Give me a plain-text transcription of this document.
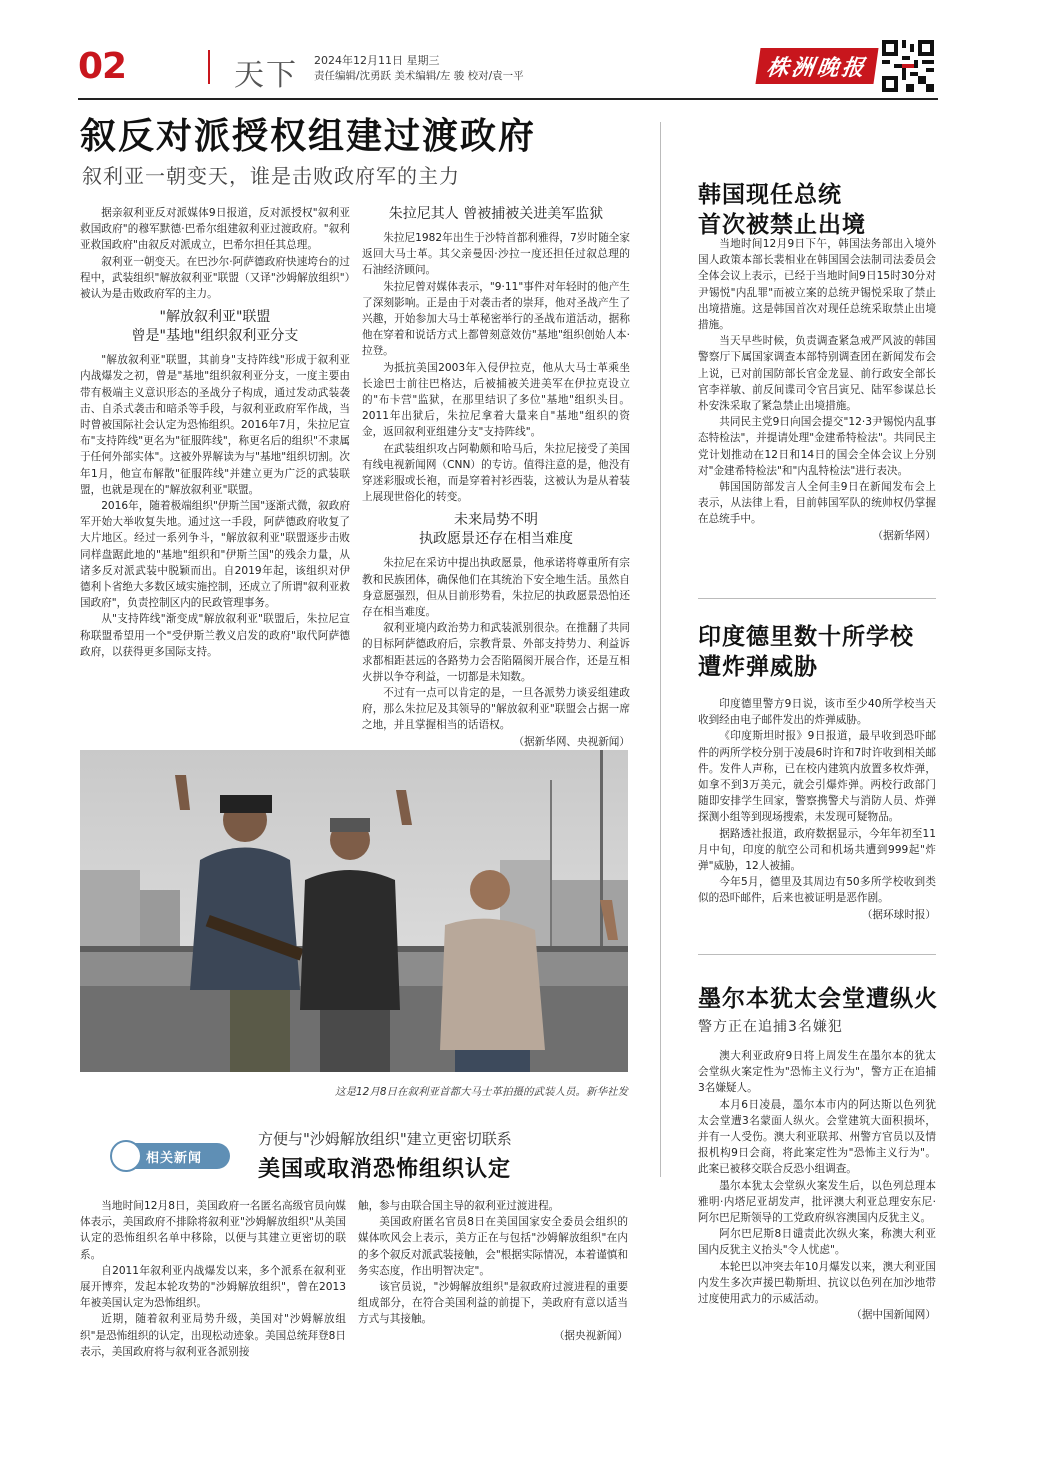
02	天下 2024年12月11日 星期三
责任编辑/沈勇跃 美术编辑/左 骏 校对/袁一平	株洲晚报
叙反对派授权组建过渡政府
叙利亚一朝变天，谁是击败政府军的主力

据亲叙利亚反对派媒体9日报道，反对派授权"叙利亚救国政府"的穆军默德·巴希尔组建叙利亚过渡政府。"叙利亚救国政府"由叙反对派成立，巴希尔担任其总理。

叙利亚一朝变天。在巴沙尔·阿萨德政府快速垮台的过程中，武装组织"解放叙利亚"联盟（又译"沙姆解放组织"）被认为是击败政府军的主力。

"解放叙利亚"联盟
曾是"基地"组织叙利亚分支

"解放叙利亚"联盟，其前身"支持阵线"形成于叙利亚内战爆发之初，曾是"基地"组织叙利亚分支，一度主要由带有极端主义意识形态的圣战分子构成，通过发动武装袭击、自杀式袭击和暗杀等手段，与叙利亚政府军作战，当时曾被国际社会认定为恐怖组织。2016年7月，朱拉尼宣布"支持阵线"更名为"征服阵线"，称更名后的组织"不隶属于任何外部实体"。这被外界解读为与"基地"组织切割。次年1月，他宣布解散"征服阵线"并建立更为广泛的武装联盟，也就是现在的"解放叙利亚"联盟。

2016年，随着极端组织"伊斯兰国"逐渐式微，叙政府军开始大举收复失地。通过这一手段，阿萨德政府收复了大片地区。经过一系列争斗，"解放叙利亚"联盟逐步击败同样盘踞此地的"基地"组织和"伊斯兰国"的残余力量，从诸多反对派武装中脱颖而出。自2019年起，该组织对伊德利卜省绝大多数区域实施控制，还成立了所谓"叙利亚救国政府"，负责控制区内的民政管理事务。

从"支持阵线"渐变成"解放叙利亚"联盟后，朱拉尼宣称联盟希望用一个"受伊斯兰教义启发的政府"取代阿萨德政府，以获得更多国际支持。

朱拉尼其人 曾被捕被关进美军监狱

朱拉尼1982年出生于沙特首都利雅得，7岁时随全家返回大马士革。其父亲曼因·沙拉一度还担任过叙总理的石油经济顾问。

朱拉尼曾对媒体表示，"9·11"事件对年轻时的他产生了深刻影响。正是由于对袭击者的崇拜，他对圣战产生了兴趣，开始参加大马士革秘密举行的圣战布道活动，据称他在穿着和说话方式上都曾刻意效仿"基地"组织创始人本·拉登。

为抵抗美国2003年入侵伊拉克，他从大马士革乘坐长途巴士前往巴格达，后被捕被关进美军在伊拉克设立的"布卡营"监狱，在那里结识了多位"基地"组织头目。2011年出狱后，朱拉尼拿着大量来自"基地"组织的资金，返回叙利亚组建分支"支持阵线"。

在武装组织攻占阿勒颇和哈马后，朱拉尼接受了美国有线电视新闻网（CNN）的专访。值得注意的是，他没有穿迷彩服或长袍，而是穿着衬衫西装，这被认为是从着装上展现世俗化的转变。

未来局势不明
执政愿景还存在相当难度

朱拉尼在采访中提出执政愿景，他承诺将尊重所有宗教和民族团体，确保他们在其统治下安全地生活。虽然自身意愿强烈，但从目前形势看，朱拉尼的执政愿景恐怕还存在相当难度。

叙利亚境内政治势力和武装派别很杂。在推翻了共同的目标阿萨德政府后，宗教背景、外部支持势力、利益诉求都相距甚远的各路势力会否陷隔阂开展合作，还是互相火拼以争夺利益，一切都是未知数。

不过有一点可以肯定的是，一旦各派势力谈妥组建政府，那么朱拉尼及其领导的"解放叙利亚"联盟会占据一席之地，并且掌握相当的话语权。

（据新华网、央视新闻）

这是12月8日在叙利亚首都大马士革拍摄的武装人员。新华社发
相关新闻
方便与"沙姆解放组织"建立更密切联系
美国或取消恐怖组织认定

当地时间12月8日，美国政府一名匿名高级官员向媒体表示，美国政府不排除将叙利亚"沙姆解放组织"从美国认定的恐怖组织名单中移除，以便与其建立更密切的联系。

自2011年叙利亚内战爆发以来，多个派系在叙利亚展开博弈，发起本轮攻势的"沙姆解放组织"，曾在2013年被美国认定为恐怖组织。

近期，随着叙利亚局势升级，美国对"沙姆解放组织"是恐怖组织的认定，出现松动迹象。美国总统拜登8日表示，美国政府将与叙利亚各派别接

触，参与由联合国主导的叙利亚过渡进程。

美国政府匿名官员8日在美国国家安全委员会组织的媒体吹风会上表示，美方正在与包括"沙姆解放组织"在内的多个叙反对派武装接触，会"根据实际情况，本着谨慎和务实态度，作出明智决定"。

该官员说，"沙姆解放组织"是叙政府过渡进程的重要组成部分，在符合美国利益的前提下，美政府有意以适当方式与其接触。

（据央视新闻）

韩国现任总统
首次被禁止出境

当地时间12月9日下午，韩国法务部出入境外国人政策本部长裴相业在韩国国会法制司法委员会全体会议上表示，已经于当地时间9日15时30分对尹锡悦"内乱罪"而被立案的总统尹锡悦采取了禁止出境措施。这是韩国首次对现任总统采取禁止出境措施。

当天早些时候，负责调查紧急戒严风波的韩国警察厅下属国家调查本部特别调查团在新闻发布会上说，已对前国防部长官金龙显、前行政安全部长官李祥敏、前反间谍司令官吕寅兄、陆军参谋总长朴安洙采取了紧急禁止出境措施。

共同民主党9日向国会提交"12·3尹锡悦内乱事态特检法"，并提请处理"金建希特检法"。共同民主党计划推动在12日和14日的国会全体会议上分别对"金建希特检法"和"内乱特检法"进行表决。

韩国国防部发言人全何圭9日在新闻发布会上表示，从法律上看，目前韩国军队的统帅权仍掌握在总统手中。

（据新华网）

印度德里数十所学校
遭炸弹威胁

印度德里警方9日说，该市至少40所学校当天收到经由电子邮件发出的炸弹威胁。

《印度斯坦时报》9日报道，最早收到恐吓邮件的两所学校分别于凌晨6时许和7时许收到相关邮件。发件人声称，已在校内建筑内放置多枚炸弹，如拿不到3万美元，就会引爆炸弹。两校行政部门随即安排学生回家，警察携警犬与消防人员、炸弹探测小组等到现场搜索，未发现可疑物品。

据路透社报道，政府数据显示，今年年初至11月中旬，印度的航空公司和机场共遭到999起"炸弹"威胁，12人被捕。

今年5月，德里及其周边有50多所学校收到类似的恐吓邮件，后来也被证明是恶作剧。

（据环球时报）

墨尔本犹太会堂遭纵火
警方正在追捕3名嫌犯

澳大利亚政府9日将上周发生在墨尔本的犹太会堂纵火案定性为"恐怖主义行为"，警方正在追捕3名嫌疑人。

本月6日凌晨，墨尔本市内的阿达斯以色列犹太会堂遭3名蒙面人纵火。会堂建筑大面积损坏，并有一人受伤。澳大利亚联邦、州警方官员以及情报机构9日会商，将此案定性为"恐怖主义行为"。此案已被移交联合反恐小组调查。

墨尔本犹太会堂纵火案发生后，以色列总理本雅明·内塔尼亚胡发声，批评澳大利亚总理安东尼·阿尔巴尼斯领导的工党政府纵容澳国内反犹主义。

阿尔巴尼斯8日谴责此次纵火案，称澳大利亚国内反犹主义抬头"令人忧虑"。

本轮巴以冲突去年10月爆发以来，澳大利亚国内发生多次声援巴勒斯坦、抗议以色列在加沙地带过度使用武力的示威活动。

（据中国新闻网）
